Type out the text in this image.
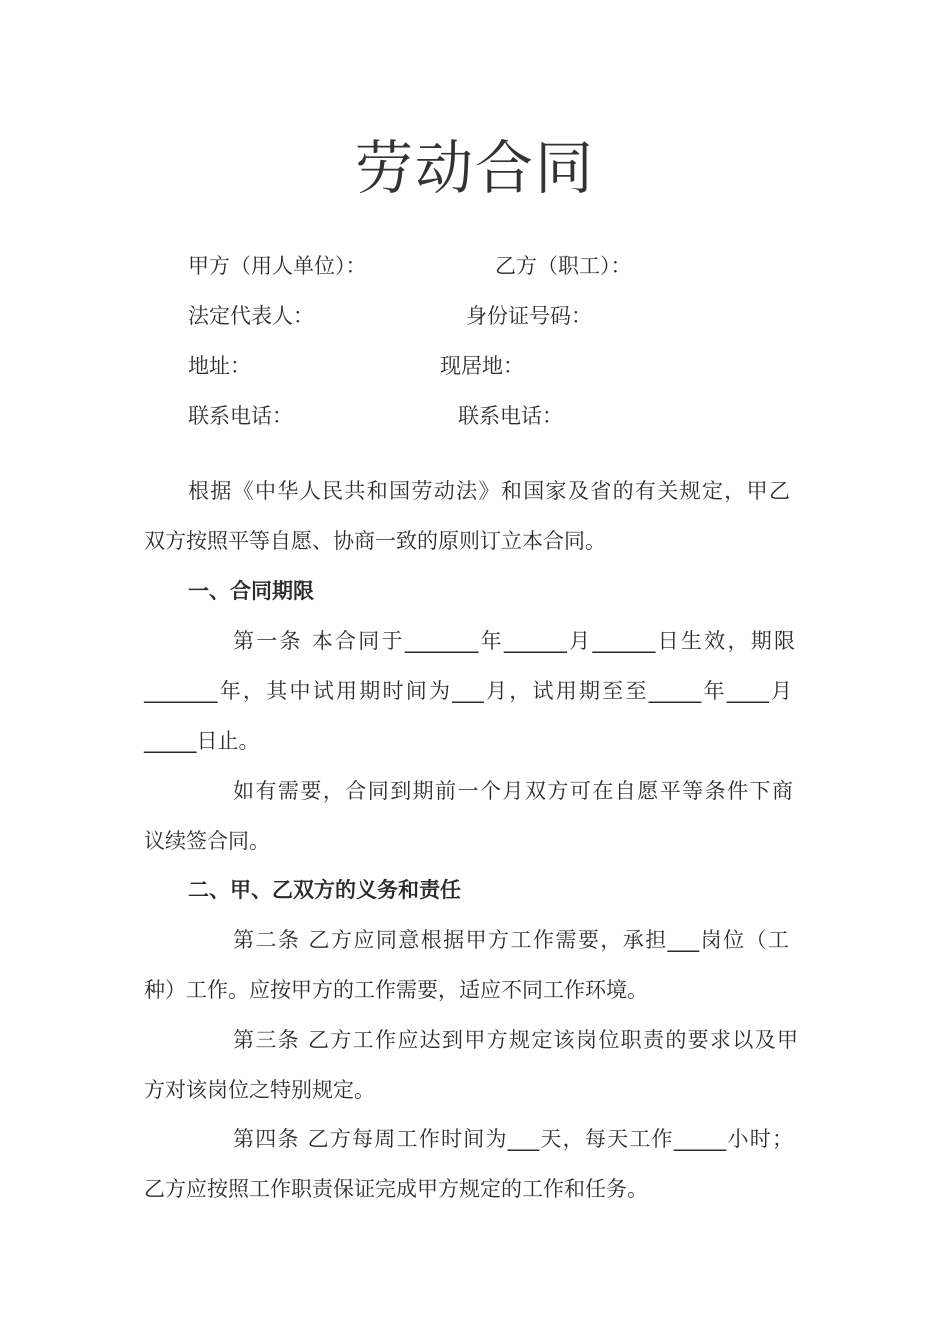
劳动合同
甲方（用人单位）：	乙方（职工）：
法定代表人：	身份证号码：
地址：	现居地：
联系电话：	联系电话：
根据《中华人民共和国劳动法》和国家及省的有关规定，甲乙
双方按照平等自愿、协商一致的原则订立本合同。
一、合同期限
第一条 本合同于_______年______月______日生效，期限
_______年，其中试用期时间为___月，试用期至至_____年____月
_____日止。
如有需要，合同到期前一个月双方可在自愿平等条件下商
议续签合同。
二、甲、乙双方的义务和责任
第二条 乙方应同意根据甲方工作需要，承担___岗位（工
种）工作。应按甲方的工作需要，适应不同工作环境。
第三条 乙方工作应达到甲方规定该岗位职责的要求以及甲
方对该岗位之特别规定。
第四条 乙方每周工作时间为___天，每天工作_____小时；
乙方应按照工作职责保证完成甲方规定的工作和任务。
